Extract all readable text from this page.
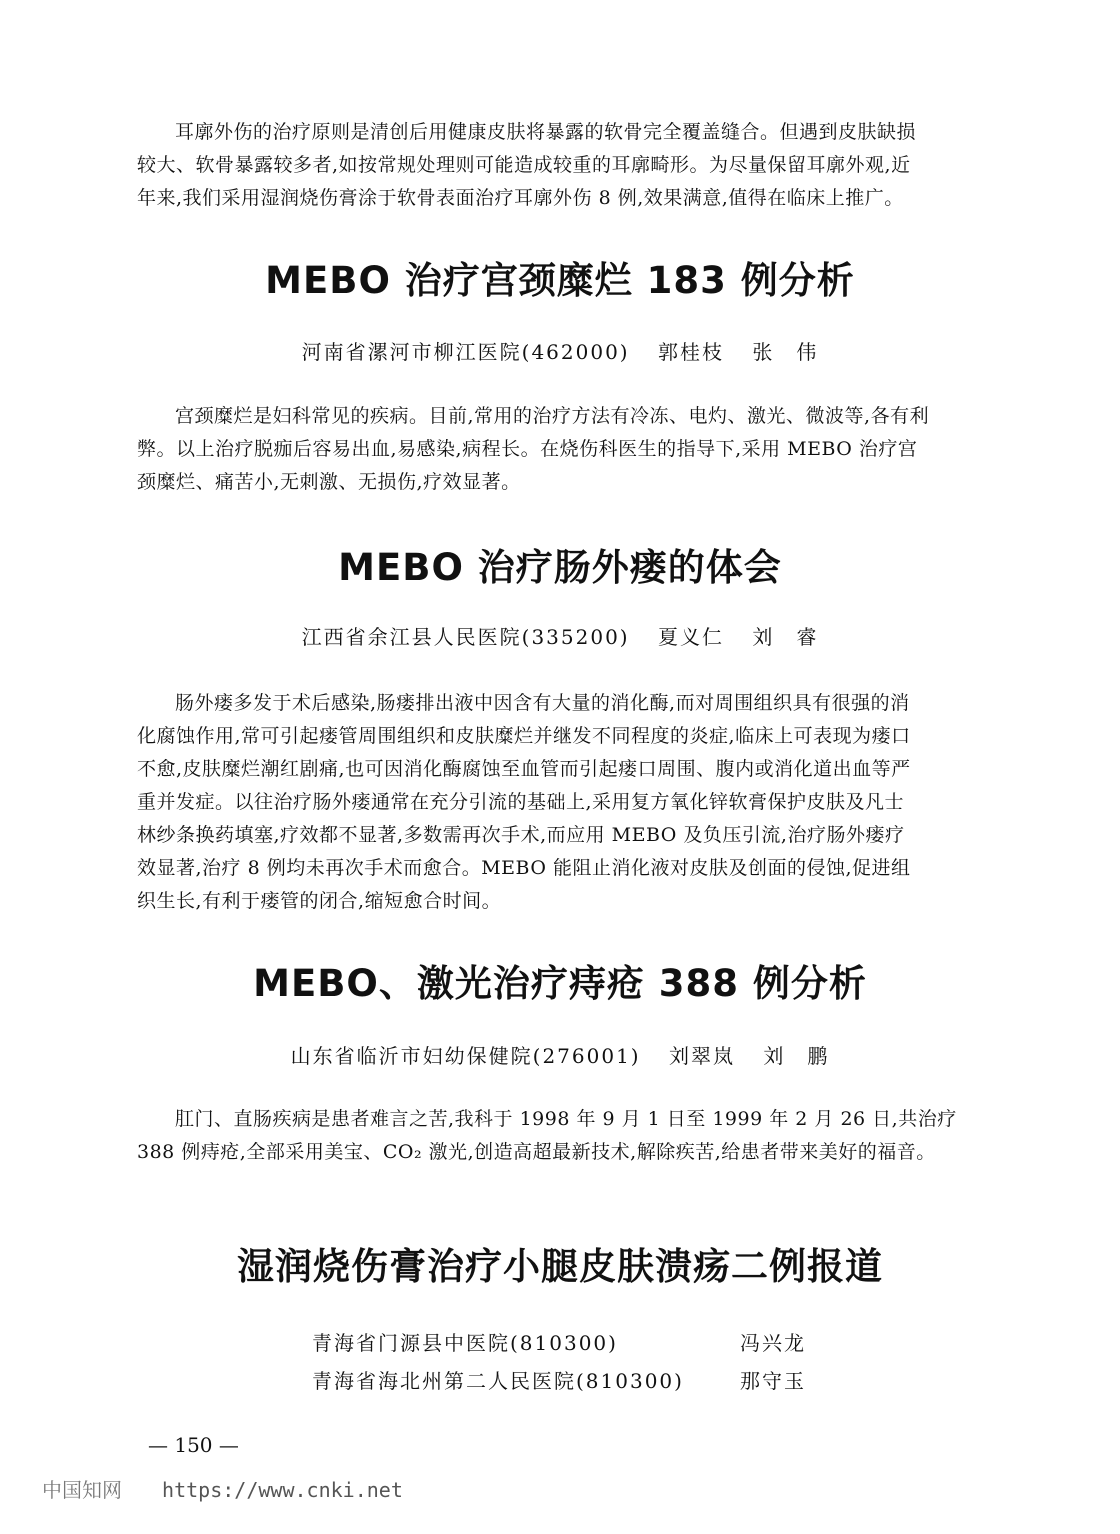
耳廓外伤的治疗原则是清创后用健康皮肤将暴露的软骨完全覆盖缝合。但遇到皮肤缺损
较大、软骨暴露较多者,如按常规处理则可能造成较重的耳廓畸形。为尽量保留耳廓外观,近
年来,我们采用湿润烧伤膏涂于软骨表面治疗耳廓外伤 8 例,效果满意,值得在临床上推广。
MEBO 治疗宫颈糜烂 183 例分析
河南省漯河市柳江医院(462000) 郭桂枝 张　伟
宫颈糜烂是妇科常见的疾病。目前,常用的治疗方法有冷冻、电灼、激光、微波等,各有利
弊。以上治疗脱痂后容易出血,易感染,病程长。在烧伤科医生的指导下,采用 MEBO 治疗宫
颈糜烂、痛苦小,无刺激、无损伤,疗效显著。
MEBO 治疗肠外瘘的体会
江西省余江县人民医院(335200) 夏义仁 刘　睿
肠外瘘多发于术后感染,肠瘘排出液中因含有大量的消化酶,而对周围组织具有很强的消
化腐蚀作用,常可引起瘘管周围组织和皮肤糜烂并继发不同程度的炎症,临床上可表现为瘘口
不愈,皮肤糜烂潮红剧痛,也可因消化酶腐蚀至血管而引起瘘口周围、腹内或消化道出血等严
重并发症。以往治疗肠外瘘通常在充分引流的基础上,采用复方氧化锌软膏保护皮肤及凡士
林纱条换药填塞,疗效都不显著,多数需再次手术,而应用 MEBO 及负压引流,治疗肠外瘘疗
效显著,治疗 8 例均未再次手术而愈合。MEBO 能阻止消化液对皮肤及创面的侵蚀,促进组
织生长,有利于瘘管的闭合,缩短愈合时间。
MEBO、激光治疗痔疮 388 例分析
山东省临沂市妇幼保健院(276001) 刘翠岚 刘　鹏
肛门、直肠疾病是患者难言之苦,我科于 1998 年 9 月 1 日至 1999 年 2 月 26 日,共治疗
388 例痔疮,全部采用美宝、CO₂ 激光,创造高超最新技术,解除疾苦,给患者带来美好的福音。
湿润烧伤膏治疗小腿皮肤溃疡二例报道
青海省门源县中医院(810300)	冯兴龙
青海省海北州第二人民医院(810300)	那守玉
— 150 —
中国知网 https://www.cnki.net
